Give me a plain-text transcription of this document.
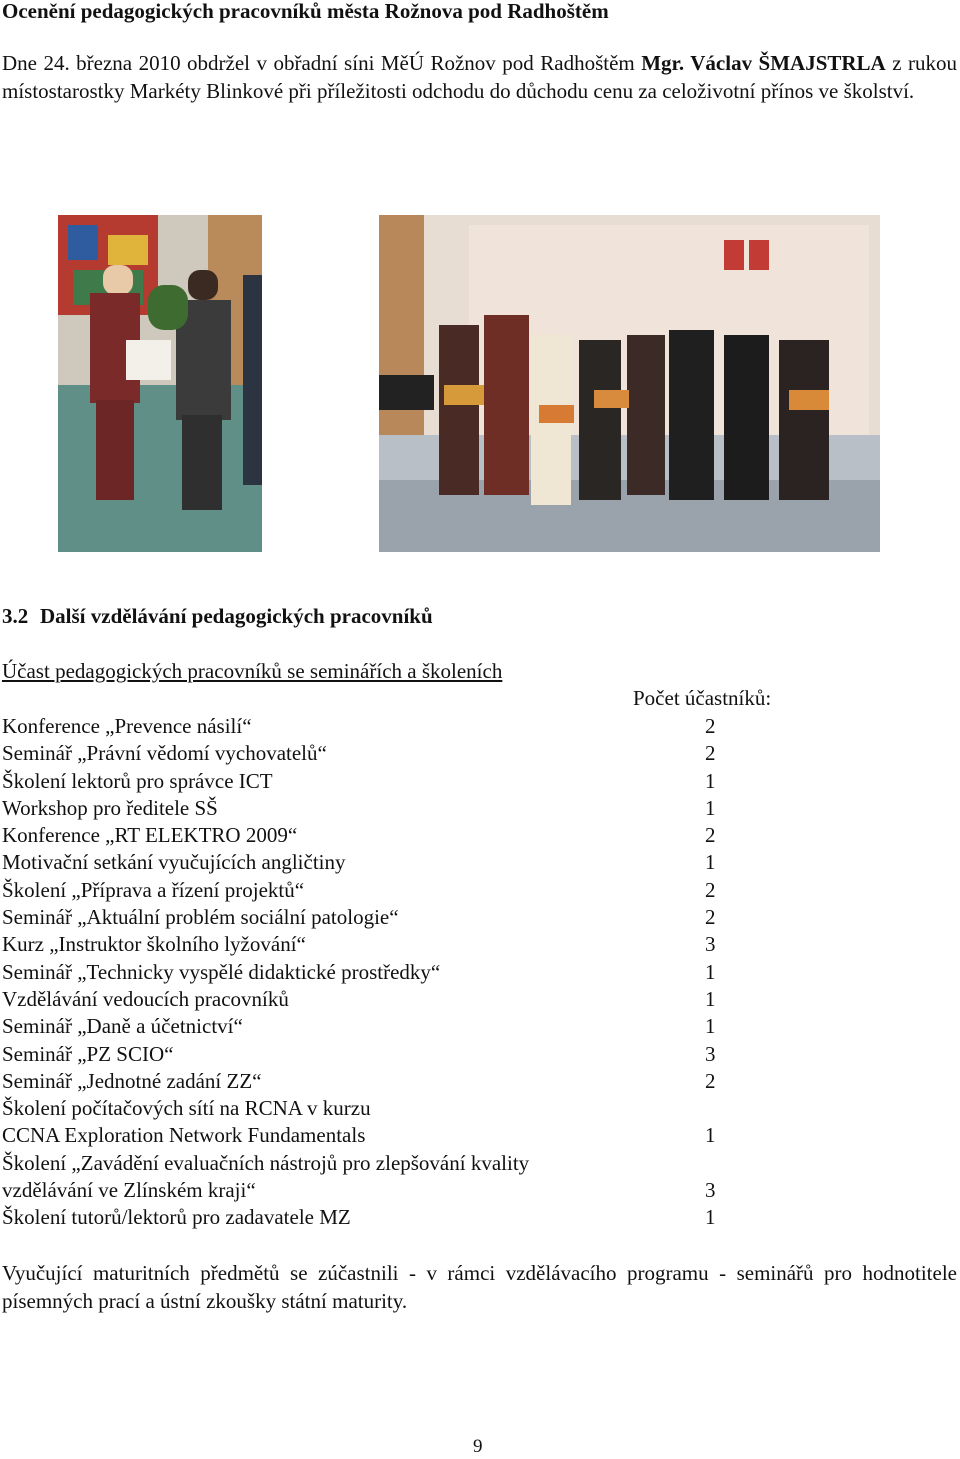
Ocenění pedagogických pracovníků města Rožnova pod Radhoštěm

Dne 24. března 2010 obdržel v obřadní síni MěÚ Rožnov pod Radhoštěm Mgr. Václav ŠMAJSTRLA z rukou místostarostky Markéty Blinkové při příležitosti odchodu do důchodu cenu za celoživotní přínos ve školství.

3.2 Další vzdělávání pedagogických pracovníků

Účast pedagogických pracovníků se seminářích a školeních

Počet účastníků:

Konference „Prevence násilí“	2
Seminář „Právní vědomí vychovatelů“	2
Školení lektorů pro správce ICT	1
Workshop pro ředitele SŠ	1
Konference „RT ELEKTRO 2009“	2
Motivační setkání vyučujících angličtiny	1
Školení „Příprava a řízení projektů“	2
Seminář „Aktuální problém sociální patologie“	2
Kurz „Instruktor školního lyžování“	3
Seminář „Technicky vyspělé didaktické prostředky“	1
Vzdělávání vedoucích pracovníků	1
Seminář „Daně a účetnictví“	1
Seminář „PZ SCIO“	3
Seminář „Jednotné zadání ZZ“	2
Školení počítačových sítí na RCNA v kurzu
CCNA Exploration Network Fundamentals	1
Školení „Zavádění evaluačních nástrojů pro zlepšování kvality
vzdělávání ve Zlínském kraji“	3
Školení tutorů/lektorů pro zadavatele MZ	1

Vyučující maturitních předmětů se zúčastnili - v rámci vzdělávacího programu - seminářů pro hodnotitele písemných prací a ústní zkoušky státní maturity.

9
